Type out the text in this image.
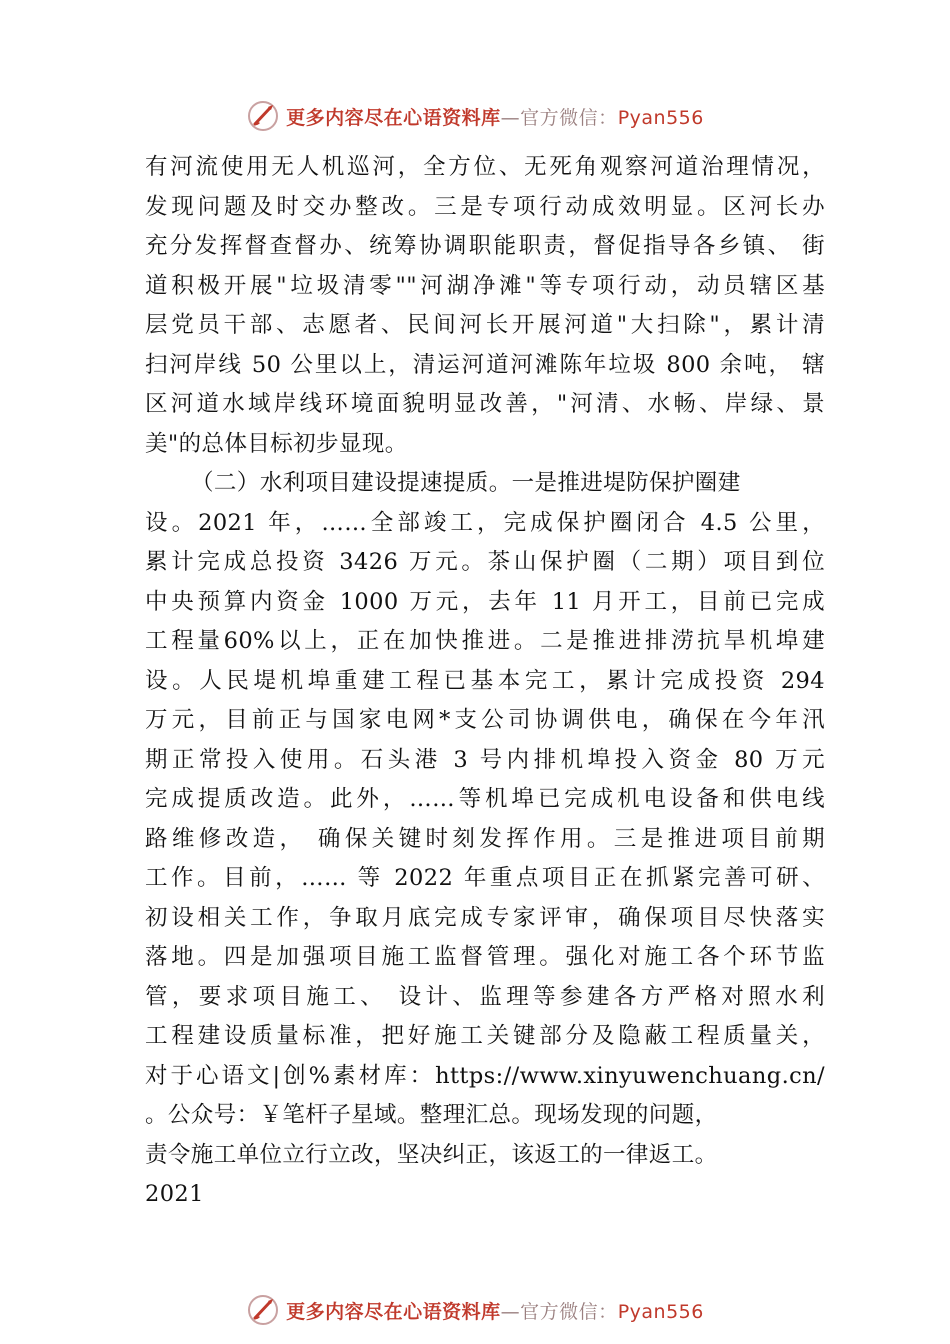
更多内容尽在心语资料库—官方微信：Pyan556
有河流使用无人机巡河，全方位、无死角观察河道治理情况，
发现问题及时交办整改。三是专项行动成效明显。区河长办
充分发挥督查督办、统筹协调职能职责，督促指导各乡镇、 街
道积极开展"垃圾清零""河湖净滩"等专项行动，动员辖区基
层党员干部、志愿者、民间河长开展河道"大扫除"，累计清
扫河岸线 50 公里以上，清运河道河滩陈年垃圾 800 余吨， 辖
区河道水域岸线环境面貌明显改善，"河清、水畅、岸绿、景
美"的总体目标初步显现。
（二）水利项目建设提速提质。一是推进堤防保护圈建
设。2021 年，……全部竣工，完成保护圈闭合 4.5 公里，
累计完成总投资 3426 万元。茶山保护圈（二期）项目到位
中央预算内资金 1000 万元，去年 11 月开工，目前已完成
工程量60%以上，正在加快推进。二是推进排涝抗旱机埠建
设。人民堤机埠重建工程已基本完工，累计完成投资 294
万元，目前正与国家电网*支公司协调供电，确保在今年汛
期正常投入使用。石头港 3 号内排机埠投入资金 80 万元
完成提质改造。此外，……等机埠已完成机电设备和供电线
路维修改造， 确保关键时刻发挥作用。三是推进项目前期
工作。目前，…… 等 2022 年重点项目正在抓紧完善可研、
初设相关工作，争取月底完成专家评审，确保项目尽快落实
落地。四是加强项目施工监督管理。强化对施工各个环节监
管，要求项目施工、 设计、监理等参建各方严格对照水利
工程建设质量标准，把好施工关键部分及隐蔽工程质量关，
对于心语文|创%素材库：https://www.xinyuwenchuang.cn/
。公众号：￥笔杆子星域。整理汇总。现场发现的问题，
责令施工单位立行立改，坚决纠正，该返工的一律返工。
2021
更多内容尽在心语资料库—官方微信：Pyan556
